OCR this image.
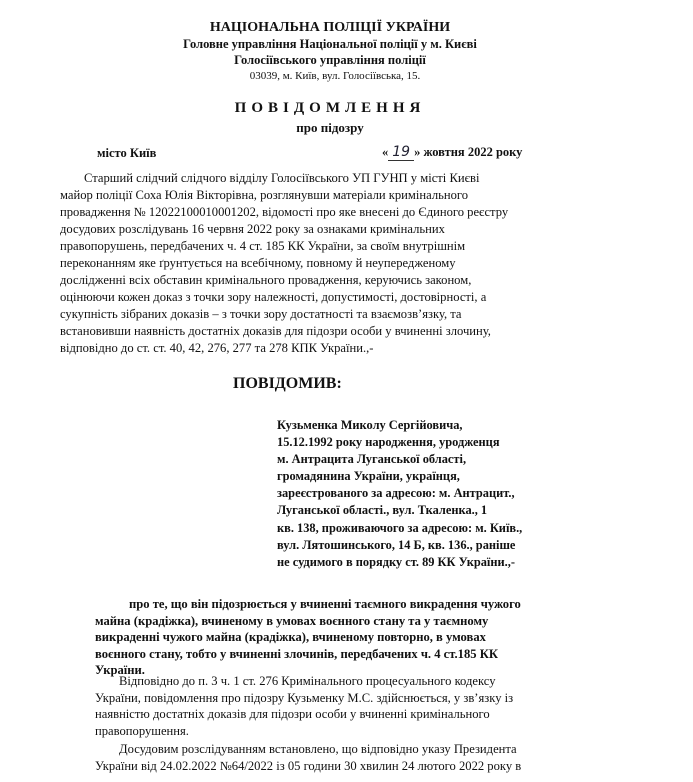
НАЦІОНАЛЬНА ПОЛІЦІЇ УКРАЇНИ
Головне управління Національної поліції у м. Києві
Голосіївського управління поліції
03039, м. Київ, вул. Голосіївська, 15.
ПОВІДОМЛЕННЯ
про підозру
місто Київ	« 19 » жовтня 2022 року
Старший слідчий слідчого відділу Голосіївського УП ГУНП у місті Києві
майор поліції Соха Юлія Вікторівна, розглянувши матеріали кримінального
провадження № 12022100010001202, відомості про яке внесені до Єдиного реєстру
досудових розслідувань 16 червня 2022 року за ознаками кримінальних
правопорушень, передбачених ч. 4 ст. 185 КК України, за своїм внутрішнім
переконанням яке ґрунтується на всебічному, повному й неупередженому
дослідженні всіх обставин кримінального провадження, керуючись законом,
оцінюючи кожен доказ з точки зору належності, допустимості, достовірності, а
сукупність зібраних доказів – з точки зору достатності та взаємозв’язку, та
встановивши наявність достатніх доказів для підозри особи у вчиненні злочину,
відповідно до ст. ст. 40, 42, 276, 277 та 278 КПК України.,-
ПОВІДОМИВ:
Кузьменка Миколу Сергійовича,
15.12.1992 року народження, уродженця
м. Антрацита Луганської області,
громадянина України, українця,
зареєстрованого за адресою: м. Антрацит.,
Луганської області., вул. Ткаленка., 1
кв. 138, проживаючого за адресою: м. Київ.,
вул. Лятошинського, 14 Б, кв. 136., раніше
не судимого в порядку ст. 89 КК України.,-
про те, що він підозрюється у вчиненні таємного викрадення чужого
майна (крадіжка), вчиненому в умовах воєнного стану та у таємному
викраденні чужого майна (крадіжка), вчиненому повторно, в умовах
воєнного стану, тобто у вчиненні злочинів, передбачених ч. 4 ст.185 КК
України.
Відповідно до п. 3 ч. 1 ст. 276 Кримінального процесуального кодексу
України, повідомлення про підозру Кузьменку М.С. здійснюється, у зв’язку із
наявністю достатніх доказів для підозри особи у вчиненні кримінального
правопорушення.
Досудовим розслідуванням встановлено, що відповідно указу Президента
України від 24.02.2022 №64/2022 із 05 години 30 хвилин 24 лютого 2022 року в
